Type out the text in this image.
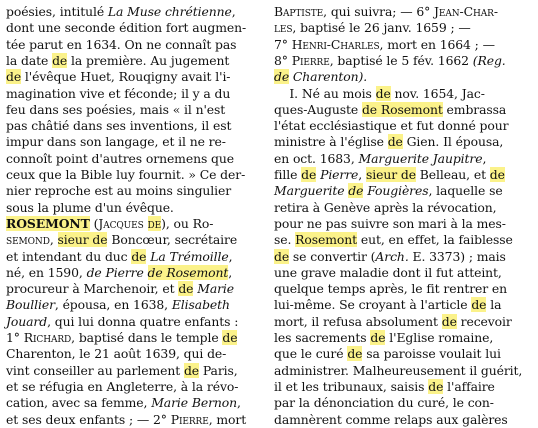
poésies, intitulé La Muse chrétienne,
dont une seconde édition fort augmen-
tée parut en 1634. On ne connaît pas
la date de la première. Au jugement
de l'évêque Huet, Rouqigny avait l'i-
magination vive et féconde; il y a du
feu dans ses poésies, mais « il n'est
pas châtié dans ses inventions, il est
impur dans son langage, et il ne re-
connoît point d'autres ornemens que
ceux que la Bible luy fournit. » Ce der-
nier reproche est au moins singulier
sous la plume d'un évêque.
ROSEMONT (Jacques de), ou Ro-
semond, sieur de Boncœur, secrétaire
et intendant du duc de La Trémoille,
né, en 1590, de Pierre de Rosemont,
procureur à Marchenoir, et de Marie
Boullier, épousa, en 1638, Elisabeth
Jouard, qui lui donna quatre enfants :
1° Richard, baptisé dans le temple de
Charenton, le 21 août 1639, qui de-
vint conseiller au parlement de Paris,
et se réfugia en Angleterre, à la révo-
cation, avec sa femme, Marie Bernon,
et ses deux enfants ; — 2° Pierre, mort
Baptiste, qui suivra; — 6° Jean-Char-
les, baptisé le 26 janv. 1659 ; —
7° Henri-Charles, mort en 1664 ; —
8° Pierre, baptisé le 5 fév. 1662 (Reg.
de Charenton).
I. Né au mois de nov. 1654, Jac-
ques-Auguste de Rosemont embrassa
l'état ecclésiastique et fut donné pour
ministre à l'église de Gien. Il épousa,
en oct. 1683, Marguerite Jaupitre,
fille de Pierre, sieur de Belleau, et de
Marguerite de Fougières, laquelle se
retira à Genève après la révocation,
pour ne pas suivre son mari à la mes-
se. Rosemont eut, en effet, la faiblesse
de se convertir (Arch. E. 3373) ; mais
une grave maladie dont il fut atteint,
quelque temps après, le fit rentrer en
lui-même. Se croyant à l'article de la
mort, il refusa absolument de recevoir
les sacrements de l'Eglise romaine,
que le curé de sa paroisse voulait lui
administrer. Malheureusement il guérit,
il et les tribunaux, saisis de l'affaire
par la dénonciation du curé, le con-
damnèrent comme relaps aux galères
